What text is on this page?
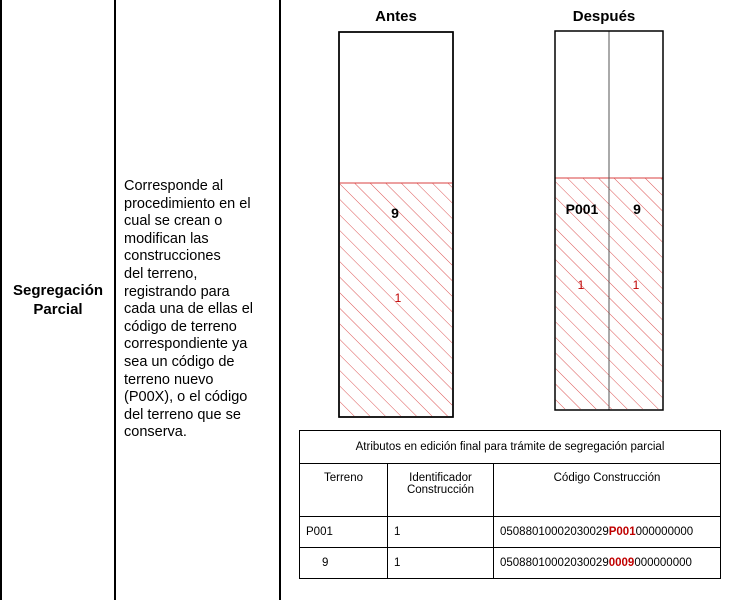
Segregación Parcial
Corresponde al
procedimiento en el
cual se crean o
modifican las
construcciones
del terreno,
registrando para
cada una de ellas el
código de terreno
correspondiente ya
sea un código de
terreno nuevo
(P00X), o el código
del terreno que se
conserva.
Antes	Después
9
1
P001 9
1	1
Atributos en edición final para trámite de segregación parcial		
Terreno	Identificador Construcción	Código Construcción
P001	1	05088010002030029P001000000000
9	1	050880100020300290009000000000
